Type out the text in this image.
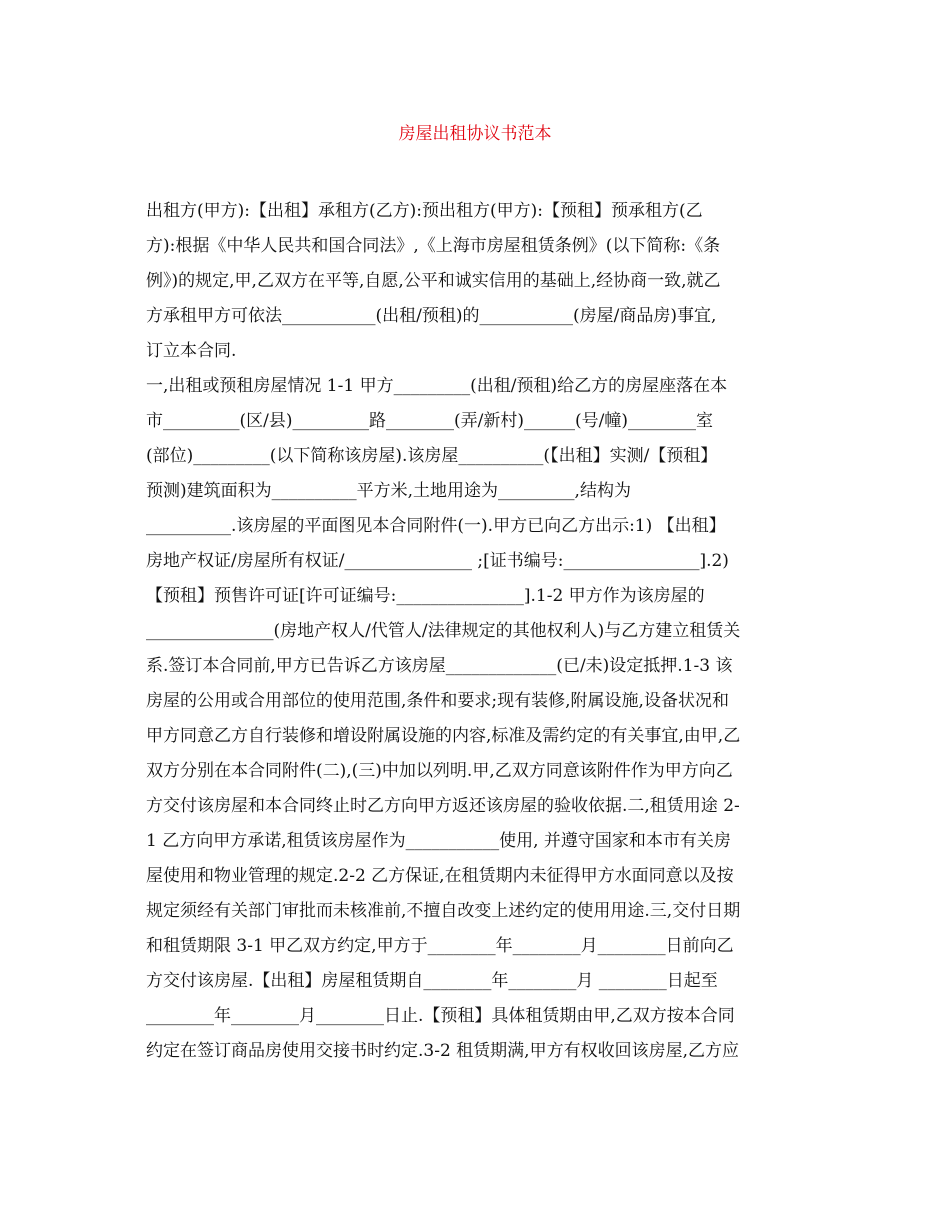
房屋出租协议书范本
出租方(甲方):【出租】承租方(乙方):预出租方(甲方):【预租】预承租方(乙
方):根据《中华人民共和国合同法》,《上海市房屋租赁条例》(以下简称:《条
例》)的规定,甲,乙双方在平等,自愿,公平和诚实信用的基础上,经协商一致,就乙
方承租甲方可依法___________(出租/预租)的___________(房屋/商品房)事宜,
订立本合同.
一,出租或预租房屋情况 1-1 甲方_________(出租/预租)给乙方的房屋座落在本
市_________(区/县)_________路________(弄/新村)______(号/幢)________室
(部位)_________(以下简称该房屋).该房屋__________(【出租】实测/【预租】
预测)建筑面积为__________平方米,土地用途为_________,结构为
__________.该房屋的平面图见本合同附件(一).甲方已向乙方出示:1) 【出租】
房地产权证/房屋所有权证/_______________ ;[证书编号:________________].2)
【预租】预售许可证[许可证编号:_______________].1-2 甲方作为该房屋的
_______________(房地产权人/代管人/法律规定的其他权利人)与乙方建立租赁关
系.签订本合同前,甲方已告诉乙方该房屋_____________(已/未)设定抵押.1-3 该
房屋的公用或合用部位的使用范围,条件和要求;现有装修,附属设施,设备状况和
甲方同意乙方自行装修和增设附属设施的内容,标准及需约定的有关事宜,由甲,乙
双方分别在本合同附件(二),(三)中加以列明.甲,乙双方同意该附件作为甲方向乙
方交付该房屋和本合同终止时乙方向甲方返还该房屋的验收依据.二,租赁用途 2-
1 乙方向甲方承诺,租赁该房屋作为___________使用, 并遵守国家和本市有关房
屋使用和物业管理的规定.2-2 乙方保证,在租赁期内未征得甲方水面同意以及按
规定须经有关部门审批而未核准前,不擅自改变上述约定的使用用途.三,交付日期
和租赁期限 3-1 甲乙双方约定,甲方于________年________月________日前向乙
方交付该房屋.【出租】房屋租赁期自________年________月 ________日起至
________年________月________日止.【预租】具体租赁期由甲,乙双方按本合同
约定在签订商品房使用交接书时约定.3-2 租赁期满,甲方有权收回该房屋,乙方应
